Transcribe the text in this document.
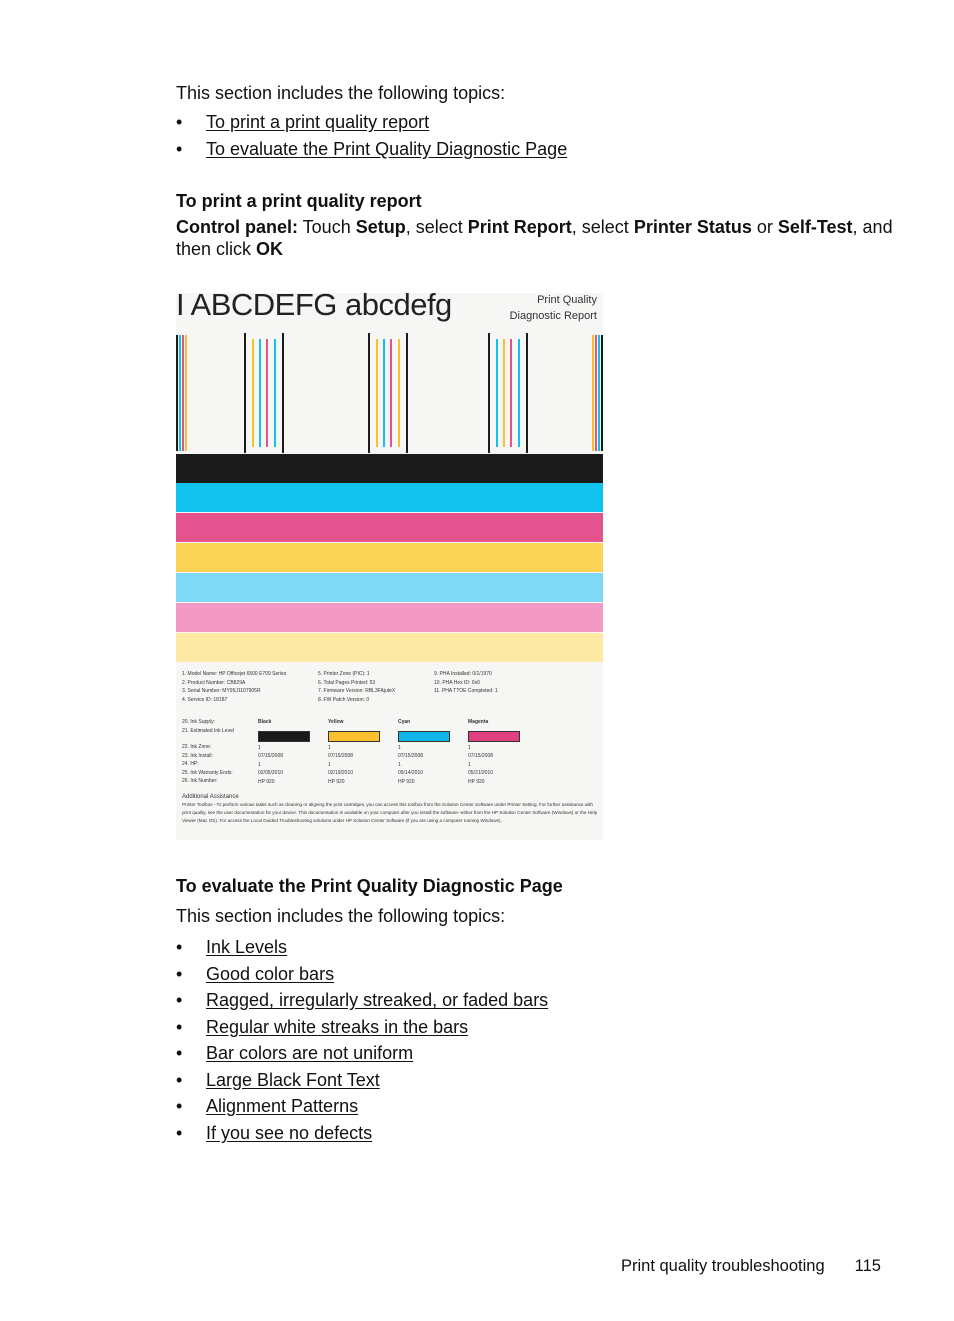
This section includes the following topics:

• To print a print quality report
• To evaluate the Print Quality Diagnostic Page

To print a print quality report

Control panel: Touch Setup, select Print Report, select Printer Status or Self-Test, and then click OK

I ABCDEFG abcdefg	Print Quality
Diagnostic Report
1. Model Name: HP Officejet 6500 E709 Series
2. Product Number: CB829A
3. Serial Number: MY95J1107905R
4. Service ID: 18187
5. Printer Zone (PIC): 1
6. Total Pages Printed: 53
7. Firmware Version: RBL3FAjuteX
8. FW Patch Version: 0
9. PHA Installed: 0/1/1970
10. PHA Hex ID: 0x0
11. PHA TTOE Completed: 1
20. Ink Supply:
21. Estimated Ink Level
22. Ink Zone:
23. Ink Install:
24. HP:
25. Ink Warranty Ends:
26. Ink Number:
Black
1
07/15/2008
1
02/05/2010
HP 920
Yellow
1
07/15/2008
1
02/19/2010
HP 920
Cyan
1
07/15/2008
1
05/14/2010
HP 920
Magenta
1
07/15/2008
1
05/21/2010
HP 920
Additional Assistance
Printer Toolbox - To perform various tasks such as cleaning or aligning the print cartridges, you can access this toolbox from the Solution Center Software under Printer Setting. For further assistance with print quality, see the user documentation for your device. This documentation is available on your computer after you install the software--either from the HP Solution Center Software (Windows) or the Help Viewer (Mac OS). For access the Local Guided Troubleshooting solutions under HP Solution Center Software (if you are using a computer running Windows).

To evaluate the Print Quality Diagnostic Page

This section includes the following topics:

• Ink Levels
• Good color bars
• Ragged, irregularly streaked, or faded bars
• Regular white streaks in the bars
• Bar colors are not uniform
• Large Black Font Text
• Alignment Patterns
• If you see no defects
Print quality troubleshooting 115
